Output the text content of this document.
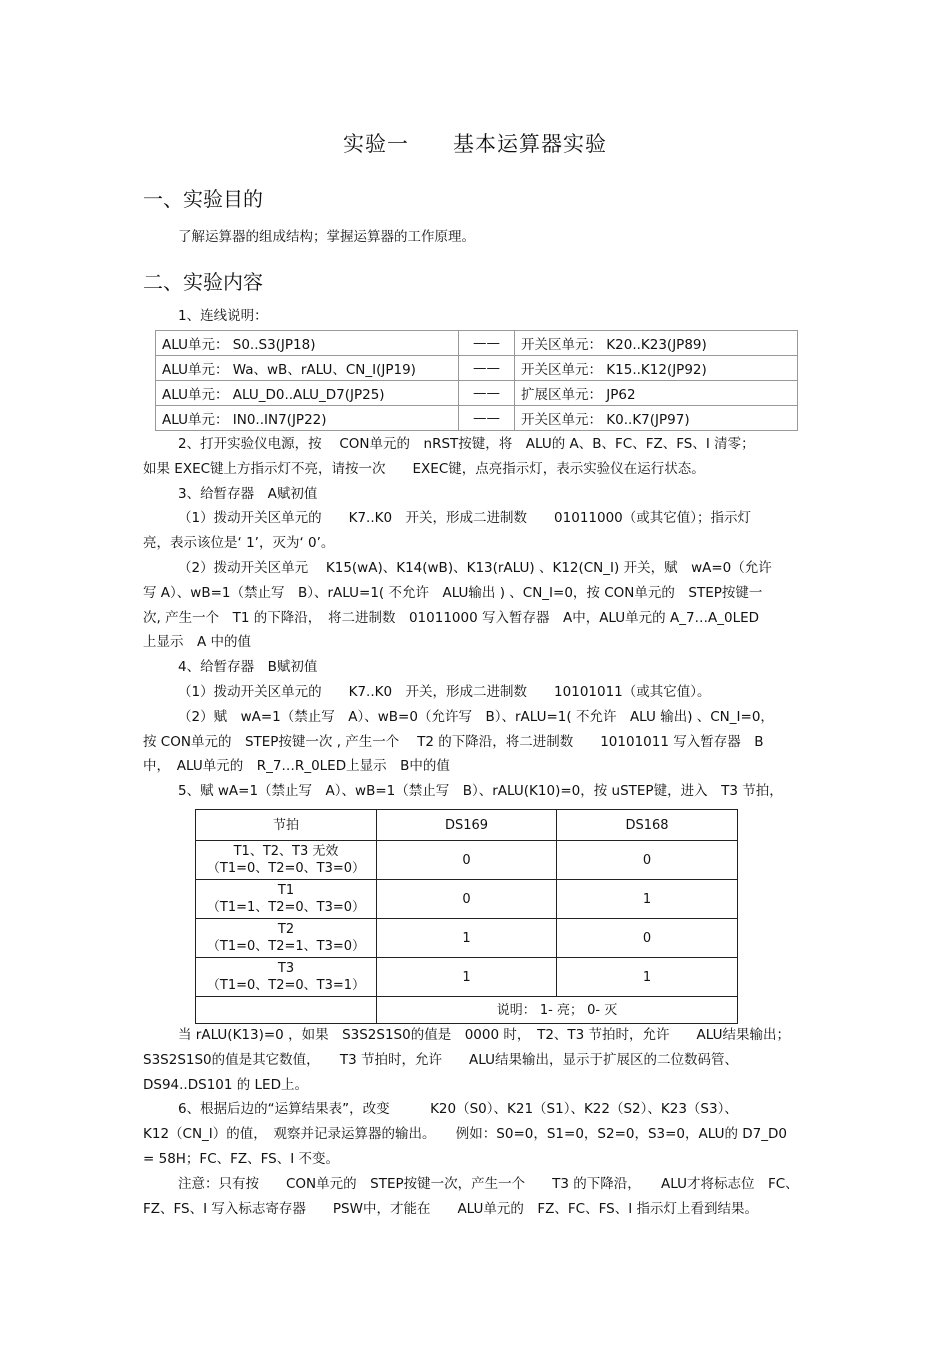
实验一　　基本运算器实验
一、实验目的
了解运算器的组成结构；掌握运算器的工作原理。
二、实验内容
1、连线说明：
ALU单元： S0..S3(JP18)	——	开关区单元： K20..K23(JP89)
ALU单元： Wa、wB、rALU、CN_I(JP19)	——	开关区单元： K15..K12(JP92)
ALU单元： ALU_D0..ALU_D7(JP25)	——	扩展区单元： JP62
ALU单元： IN0..IN7(JP22)	——	开关区单元： K0..K7(JP97)
2、打开实验仪电源，按　 CON单元的　nRST按键，将　ALU的 A、B、FC、FZ、FS、I 清零；
如果 EXEC键上方指示灯不亮，请按一次　　EXEC键，点亮指示灯，表示实验仪在运行状态。
3、给暂存器　A赋初值
（1）拨动开关区单元的　　K7..K0　开关，形成二进制数　　01011000（或其它值）；指示灯
亮，表示该位是‘ 1’，灭为‘ 0’。
（2）拨动开关区单元　 K15(wA)、K14(wB)、K13(rALU) 、K12(CN_I) 开关，赋　wA=0（允许
写 A）、wB=1（禁止写　B）、rALU=1( 不允许　ALU输出 ) 、CN_I=0，按 CON单元的　STEP按键一
次, 产生一个　T1 的下降沿，　将二进制数　01011000 写入暂存器　A中，ALU单元的 A_7…A_0LED
上显示　A 中的值
4、给暂存器　B赋初值
（1）拨动开关区单元的　　K7..K0　开关，形成二进制数　　10101011（或其它值）。
（2）赋　wA=1（禁止写　A）、wB=0（允许写　B）、rALU=1( 不允许　ALU 输出) 、CN_I=0，
按 CON单元的　STEP按键一次 , 产生一个　 T2 的下降沿，将二进制数　　10101011 写入暂存器　B
中，　ALU单元的　R_7…R_0LED上显示　B中的值
5、赋 wA=1（禁止写　A）、wB=1（禁止写　B）、rALU(K10)=0，按 uSTEP键，进入　T3 节拍，
节拍	DS169	DS168

T1、T2、T3 无效
（T1=0、T2=0、T3=0）	0	0

T1
（T1=1、T2=0、T3=0）	0	1

T2
（T1=0、T2=1、T3=0）	1	0

T3
（T1=0、T2=0、T3=1）	1	1
	说明： 1- 亮； 0- 灭	
当 rALU(K13)=0 ，如果　S3S2S1S0的值是　0000 时，　T2、T3 节拍时，允许　　ALU结果输出；
S3S2S1S0的值是其它数值，　　T3 节拍时，允许　　ALU结果输出，显示于扩展区的二位数码管、
DS94..DS101 的 LED上。
6、根据后边的“运算结果表”，改变　　　K20（S0）、K21（S1）、K22（S2）、K23（S3）、
K12（CN_I）的值，　观察并记录运算器的输出。　　例如：S0=0，S1=0，S2=0，S3=0，ALU的 D7_D0
= 58H；FC、FZ、FS、I 不变。
注意：只有按　　CON单元的　STEP按键一次，产生一个　　T3 的下降沿，　　ALU才将标志位　FC、
FZ、FS、I 写入标志寄存器　　PSW中，才能在　　ALU单元的　FZ、FC、FS、I 指示灯上看到结果。
